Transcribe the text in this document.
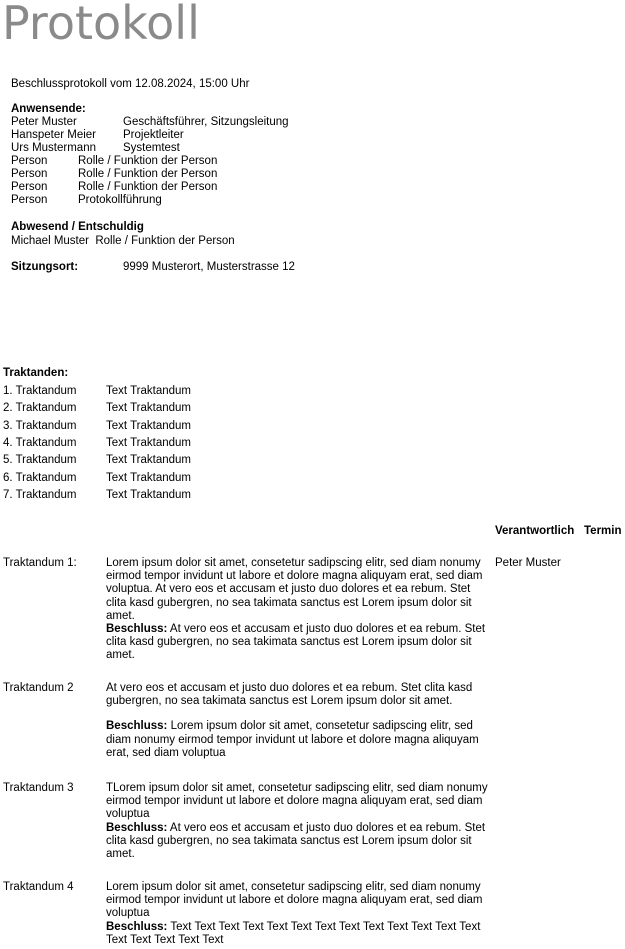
Protokoll
Beschlussprotokoll vom 12.08.2024, 15:00 Uhr
Anwensende:
Peter Muster	Geschäftsführer, Sitzungsleitung
Hanspeter Meier Projektleiter
Urs Mustermann Systemtest
Person	Rolle / Funktion der Person
Person	Rolle / Funktion der Person
Person	Rolle / Funktion der Person
Person	Protokollführung
Abwesend / Entschuldig
Michael Muster Rolle / Funktion der Person
Sitzungsort:	9999 Musterort, Musterstrasse 12
Traktanden:
1. Traktandum	Text Traktandum
2. Traktandum	Text Traktandum
3. Traktandum	Text Traktandum
4. Traktandum	Text Traktandum
5. Traktandum	Text Traktandum
6. Traktandum	Text Traktandum
7. Traktandum	Text Traktandum
Verantwortlich Termin
Traktandum 1:	Lorem ipsum dolor sit amet, consetetur sadipscing elitr, sed diam nonumy eirmod tempor invidunt ut labore et dolore magna aliquyam erat, sed diam voluptua. At vero eos et accusam et justo duo dolores et ea rebum. Stet clita kasd gubergren, no sea takimata sanctus est Lorem ipsum dolor sit amet.

Beschluss: At vero eos et accusam et justo duo dolores et ea rebum. Stet clita kasd gubergren, no sea takimata sanctus est Lorem ipsum dolor sit amet.

Peter Muster
Traktandum 2	At vero eos et accusam et justo duo dolores et ea rebum. Stet clita kasd gubergren, no sea takimata sanctus est Lorem ipsum dolor sit amet.

Beschluss: Lorem ipsum dolor sit amet, consetetur sadipscing elitr, sed diam nonumy eirmod tempor invidunt ut labore et dolore magna aliquyam erat, sed diam voluptua

Traktandum 3	TLorem ipsum dolor sit amet, consetetur sadipscing elitr, sed diam nonumy eirmod tempor invidunt ut labore et dolore magna aliquyam erat, sed diam voluptua

Beschluss: At vero eos et accusam et justo duo dolores et ea rebum. Stet clita kasd gubergren, no sea takimata sanctus est Lorem ipsum dolor sit amet.

Traktandum 4	Lorem ipsum dolor sit amet, consetetur sadipscing elitr, sed diam nonumy eirmod tempor invidunt ut labore et dolore magna aliquyam erat, sed diam voluptua

Beschluss: Text Text Text Text Text Text Text Text Text Text Text Text Text Text Text Text Text Text
